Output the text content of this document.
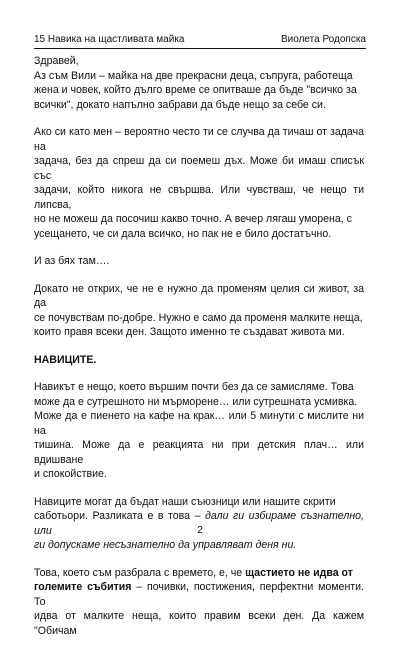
15 Навика на щастливата майка	Виолета Родопска
Здравей,
Аз съм Вили – майка на две прекрасни деца, съпруга, работеща
жена и човек, който дълго време се опитваше да бъде "всичко за
всички", докато напълно забрави да бъде нещо за себе си.
Ако си като мен – вероятно често ти се случва да тичаш от задача на
задача, без да спреш да си поемеш дъх. Може би имаш списък със
задачи, който никога не свършва. Или чувстваш, че нещо ти липсва,
но не можеш да посочиш какво точно. А вечер лягаш уморена, с
усещането, че си дала всичко, но пак не е било достатъчно.
И аз бях там….
Докато не открих, че не е нужно да променям целия си живот, за да
се почувствам по-добре. Нужно е само да променя малките неща,
които правя всеки ден. Защото именно те създават живота ми.
НАВИЦИТЕ.
Навикът е нещо, което вършим почти без да се замисляме. Това
може да е сутрешното ни мърморене… или сутрешната усмивка.
Може да е пиенето на кафе на крак… или 5 минути с мислите ни на
тишина. Може да е реакцията ни при детския плач… или вдишване
и спокойствие.
Навиците могат да бъдат наши съюзници или нашите скрити
саботьори. Разликата е в това – дали ги избираме съзнателно, или
ги допускаме несъзнателно да управляват деня ни.
Това, което съм разбрала с времето, е, че щастието не идва от
големите събития – почивки, постижения, перфектни моменти. То
идва от малките неща, които правим всеки ден. Да кажем "Обичам
2
